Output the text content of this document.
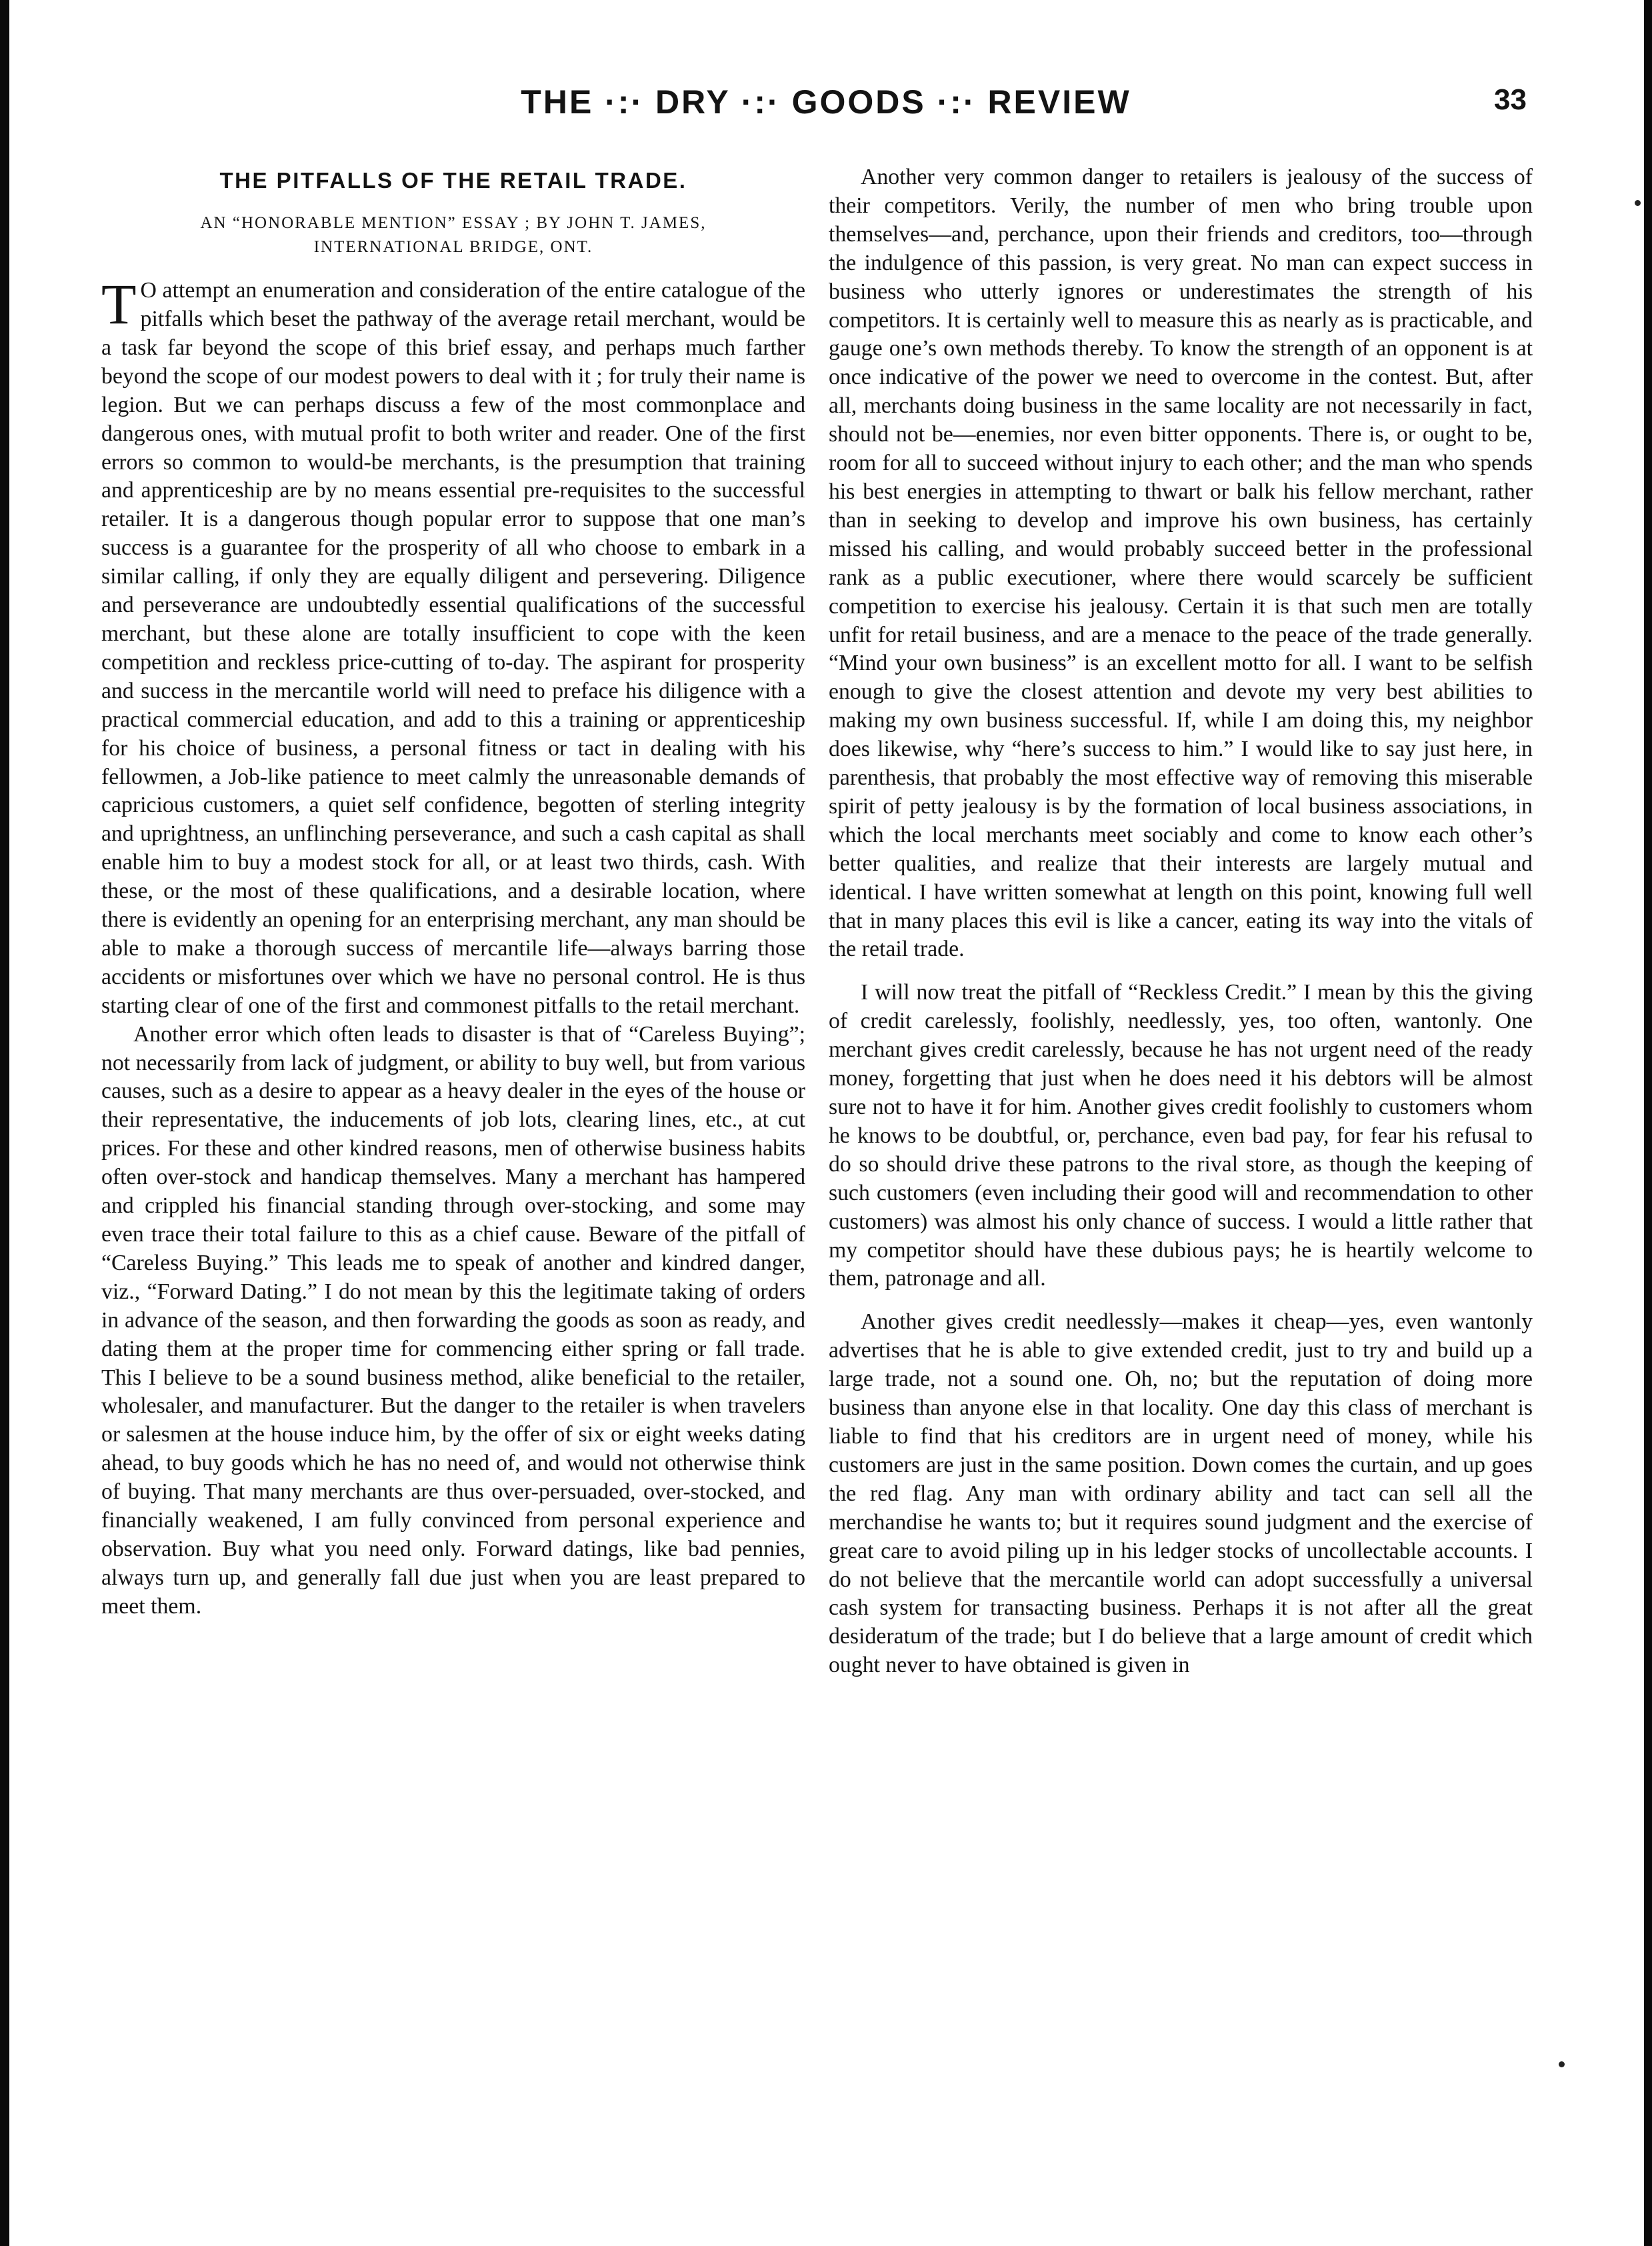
THE ·:· DRY ·:· GOODS ·:· REVIEW	33
THE PITFALLS OF THE RETAIL TRADE.
AN “HONORABLE MENTION” ESSAY ; BY JOHN T. JAMES,
INTERNATIONAL BRIDGE, ONT.

T O attempt an enumeration and consideration of the entire catalogue of the pitfalls which beset the pathway of the average retail merchant, would be a task far beyond the scope of this brief essay, and perhaps much farther beyond the scope of our modest powers to deal with it ; for truly their name is legion. But we can perhaps discuss a few of the most commonplace and dangerous ones, with mutual profit to both writer and reader. One of the first errors so common to would-be merchants, is the presumption that training and apprenticeship are by no means essential pre-requisites to the successful retailer. It is a dangerous though popular error to suppose that one man’s success is a guarantee for the prosperity of all who choose to embark in a similar calling, if only they are equally diligent and persevering. Diligence and perseverance are undoubtedly essential qualifications of the successful merchant, but these alone are totally insufficient to cope with the keen competition and reckless price-cutting of to-day. The aspirant for prosperity and success in the mercantile world will need to preface his diligence with a practical commercial education, and add to this a training or apprenticeship for his choice of business, a personal fitness or tact in dealing with his fellowmen, a Job-like patience to meet calmly the unreasonable demands of capricious customers, a quiet self confidence, begotten of sterling integrity and uprightness, an unflinching perseverance, and such a cash capital as shall enable him to buy a modest stock for all, or at least two thirds, cash. With these, or the most of these qualifications, and a desirable location, where there is evidently an opening for an enterprising merchant, any man should be able to make a thorough success of mercantile life—always barring those accidents or misfortunes over which we have no personal control. He is thus starting clear of one of the first and commonest pitfalls to the retail merchant.

Another error which often leads to disaster is that of “Careless Buying”; not necessarily from lack of judgment, or ability to buy well, but from various causes, such as a desire to appear as a heavy dealer in the eyes of the house or their representative, the inducements of job lots, clearing lines, etc., at cut prices. For these and other kindred reasons, men of otherwise business habits often over-stock and handicap themselves. Many a merchant has hampered and crippled his financial standing through over-stocking, and some may even trace their total failure to this as a chief cause. Beware of the pitfall of “Careless Buying.” This leads me to speak of another and kindred danger, viz., “Forward Dating.” I do not mean by this the legitimate taking of orders in advance of the season, and then forwarding the goods as soon as ready, and dating them at the proper time for commencing either spring or fall trade. This I believe to be a sound business method, alike beneficial to the retailer, wholesaler, and manufacturer. But the danger to the retailer is when travelers or salesmen at the house induce him, by the offer of six or eight weeks dating ahead, to buy goods which he has no need of, and would not otherwise think of buying. That many merchants are thus over-persuaded, over-stocked, and financially weakened, I am fully convinced from personal experience and observation. Buy what you need only. Forward datings, like bad pennies, always turn up, and generally fall due just when you are least prepared to meet them.

Another very common danger to retailers is jealousy of the success of their competitors. Verily, the number of men who bring trouble upon themselves—and, perchance, upon their friends and creditors, too—through the indulgence of this passion, is very great. No man can expect success in business who utterly ignores or underestimates the strength of his competitors. It is certainly well to measure this as nearly as is practicable, and gauge one’s own methods thereby. To know the strength of an opponent is at once indicative of the power we need to overcome in the contest. But, after all, merchants doing business in the same locality are not necessarily in fact, should not be—enemies, nor even bitter opponents. There is, or ought to be, room for all to succeed without injury to each other; and the man who spends his best energies in attempting to thwart or balk his fellow merchant, rather than in seeking to develop and improve his own business, has certainly missed his calling, and would probably succeed better in the professional rank as a public executioner, where there would scarcely be sufficient competition to exercise his jealousy. Certain it is that such men are totally unfit for retail business, and are a menace to the peace of the trade generally. “Mind your own business” is an excellent motto for all. I want to be selfish enough to give the closest attention and devote my very best abilities to making my own business successful. If, while I am doing this, my neighbor does likewise, why “here’s success to him.” I would like to say just here, in parenthesis, that probably the most effective way of removing this miserable spirit of petty jealousy is by the formation of local business associations, in which the local merchants meet sociably and come to know each other’s better qualities, and realize that their interests are largely mutual and identical. I have written somewhat at length on this point, knowing full well that in many places this evil is like a cancer, eating its way into the vitals of the retail trade.

I will now treat the pitfall of “Reckless Credit.” I mean by this the giving of credit carelessly, foolishly, needlessly, yes, too often, wantonly. One merchant gives credit carelessly, because he has not urgent need of the ready money, forgetting that just when he does need it his debtors will be almost sure not to have it for him. Another gives credit foolishly to customers whom he knows to be doubtful, or, perchance, even bad pay, for fear his refusal to do so should drive these patrons to the rival store, as though the keeping of such customers (even including their good will and recommendation to other customers) was almost his only chance of success. I would a little rather that my competitor should have these dubious pays; he is heartily welcome to them, patronage and all.

Another gives credit needlessly—makes it cheap—yes, even wantonly advertises that he is able to give extended credit, just to try and build up a large trade, not a sound one. Oh, no; but the reputation of doing more business than anyone else in that locality. One day this class of merchant is liable to find that his creditors are in urgent need of money, while his customers are just in the same position. Down comes the curtain, and up goes the red flag. Any man with ordinary ability and tact can sell all the merchandise he wants to; but it requires sound judgment and the exercise of great care to avoid piling up in his ledger stocks of uncollectable accounts. I do not believe that the mercantile world can adopt successfully a universal cash system for transacting business. Perhaps it is not after all the great desideratum of the trade; but I do believe that a large amount of credit which ought never to have obtained is given in
